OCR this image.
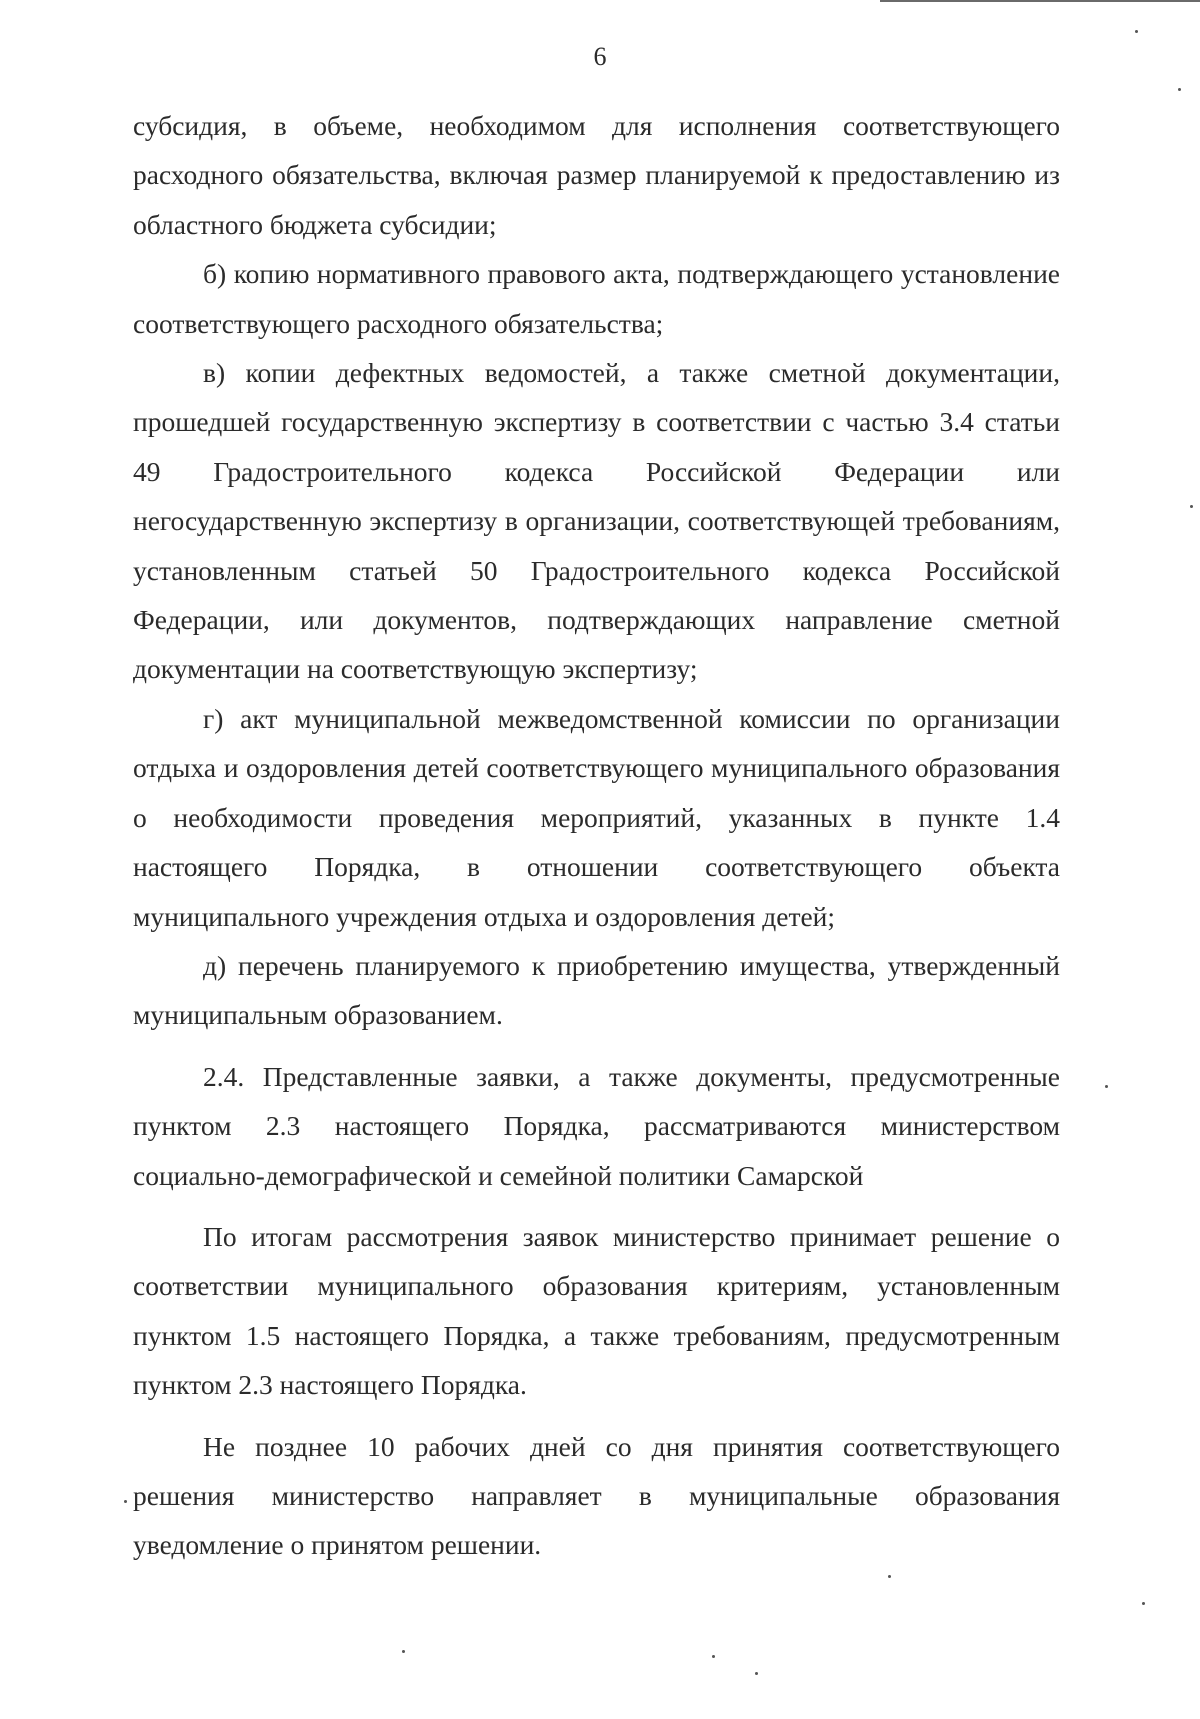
6

субсидия, в объеме, необходимом для исполнения соответствующего расходного обязательства, включая размер планируемой к предоставлению из областного бюджета субсидии;

б) копию нормативного правового акта, подтверждающего установление соответствующего расходного обязательства;

в) копии дефектных ведомостей, а также сметной документации, прошедшей государственную экспертизу в соответствии с частью 3.4 статьи 49 Градостроительного кодекса Российской Федерации или негосударственную экспертизу в организации, соответствующей требованиям, установленным статьей 50 Градостроительного кодекса Российской Федерации, или документов, подтверждающих направление сметной документации на соответствующую экспертизу;

г) акт муниципальной межведомственной комиссии по организации отдыха и оздоровления детей соответствующего муниципального образования о необходимости проведения мероприятий, указанных в пункте 1.4 настоящего Порядка, в отношении соответствующего объекта муниципального учреждения отдыха и оздоровления детей;

д) перечень планируемого к приобретению имущества, утвержденный муниципальным образованием.

2.4. Представленные заявки, а также документы, предусмотренные пунктом 2.3 настоящего Порядка, рассматриваются министерством социально-демографической и семейной политики Самарской

По итогам рассмотрения заявок министерство принимает решение о соответствии муниципального образования критериям, установленным пунктом 1.5 настоящего Порядка, а также требованиям, предусмотренным пунктом 2.3 настоящего Порядка.

Не позднее 10 рабочих дней со дня принятия соответствующего решения министерство направляет в муниципальные образования уведомление о принятом решении.
